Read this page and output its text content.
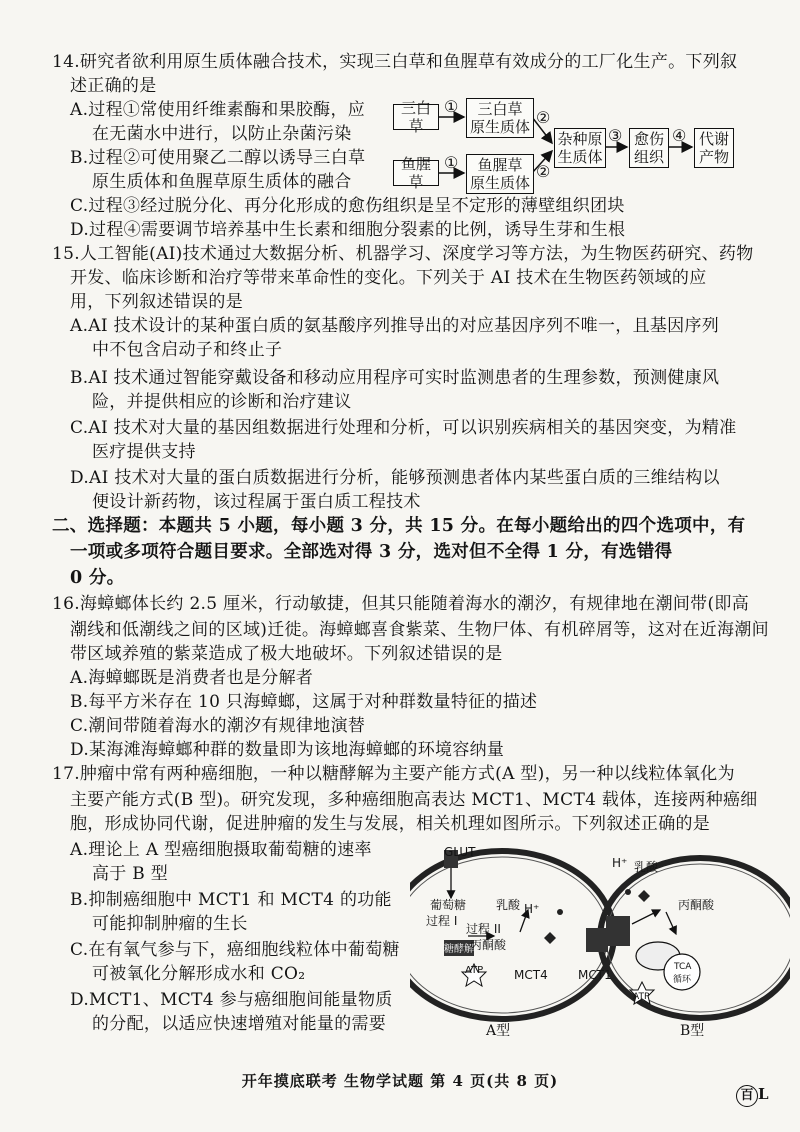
14.研究者欲利用原生质体融合技术，实现三白草和鱼腥草有效成分的工厂化生产。下列叙
述正确的是
A.过程①常使用纤维素酶和果胶酶，应
在无菌水中进行，以防止杂菌污染
B.过程②可使用聚乙二醇以诱导三白草
原生质体和鱼腥草原生质体的融合
C.过程③经过脱分化、再分化形成的愈伤组织是呈不定形的薄壁组织团块
D.过程④需要调节培养基中生长素和细胞分裂素的比例，诱导生芽和生根
三白草
鱼腥草
①
①
三白草
原生质体
鱼腥草
原生质体
②
②
杂种原
生质体
③ 愈伤
组织
④ 代谢
产物
15.人工智能(AI)技术通过大数据分析、机器学习、深度学习等方法，为生物医药研究、药物
开发、临床诊断和治疗等带来革命性的变化。下列关于 AI 技术在生物医药领域的应
用，下列叙述错误的是
A.AI 技术设计的某种蛋白质的氨基酸序列推导出的对应基因序列不唯一，且基因序列
中不包含启动子和终止子
B.AI 技术通过智能穿戴设备和移动应用程序可实时监测患者的生理参数，预测健康风
险，并提供相应的诊断和治疗建议
C.AI 技术对大量的基因组数据进行处理和分析，可以识别疾病相关的基因突变，为精准
医疗提供支持
D.AI 技术对大量的蛋白质数据进行分析，能够预测患者体内某些蛋白质的三维结构以
便设计新药物，该过程属于蛋白质工程技术
二、选择题：本题共 5 小题，每小题 3 分，共 15 分。在每小题给出的四个选项中，有
一项或多项符合题目要求。全部选对得 3 分，选对但不全得 1 分，有选错得
0 分。
16.海蟑螂体长约 2.5 厘米，行动敏捷，但其只能随着海水的潮汐，有规律地在潮间带(即高
潮线和低潮线之间的区域)迁徙。海蟑螂喜食紫菜、生物尸体、有机碎屑等，这对在近海潮间
带区域养殖的紫菜造成了极大地破坏。下列叙述错误的是
A.海蟑螂既是消费者也是分解者
B.每平方米存在 10 只海蟑螂，这属于对种群数量特征的描述
C.潮间带随着海水的潮汐有规律地演替
D.某海滩海蟑螂种群的数量即为该地海蟑螂的环境容纳量
17.肿瘤中常有两种癌细胞，一种以糖酵解为主要产能方式(A 型)，另一种以线粒体氧化为
主要产能方式(B 型)。研究发现，多种癌细胞高表达 MCT1、MCT4 载体，连接两种癌细
胞，形成协同代谢，促进肿瘤的发生与发展，相关机理如图所示。下列叙述正确的是
A.理论上 A 型癌细胞摄取葡萄糖的速率
高于 B 型
B.抑制癌细胞中 MCT1 和 MCT4 的功能
可能抑制肿瘤的生长
C.在有氧气参与下，癌细胞线粒体中葡萄糖
可被氧化分解形成水和 CO₂
D.MCT1、MCT4 参与癌细胞间能量物质
的分配，以适应快速增殖对能量的需要
GLUT
葡萄糖
过程 I
糖酵解
过程 II
乳酸 H⁺
丙酮酸
ATP	MCT4	MCT1
H⁺ 乳酸
丙酮酸
TCA
循环
ATP
A型	B型
开年摸底联考 生物学试题 第 4 页(共 8 页)
百 L
